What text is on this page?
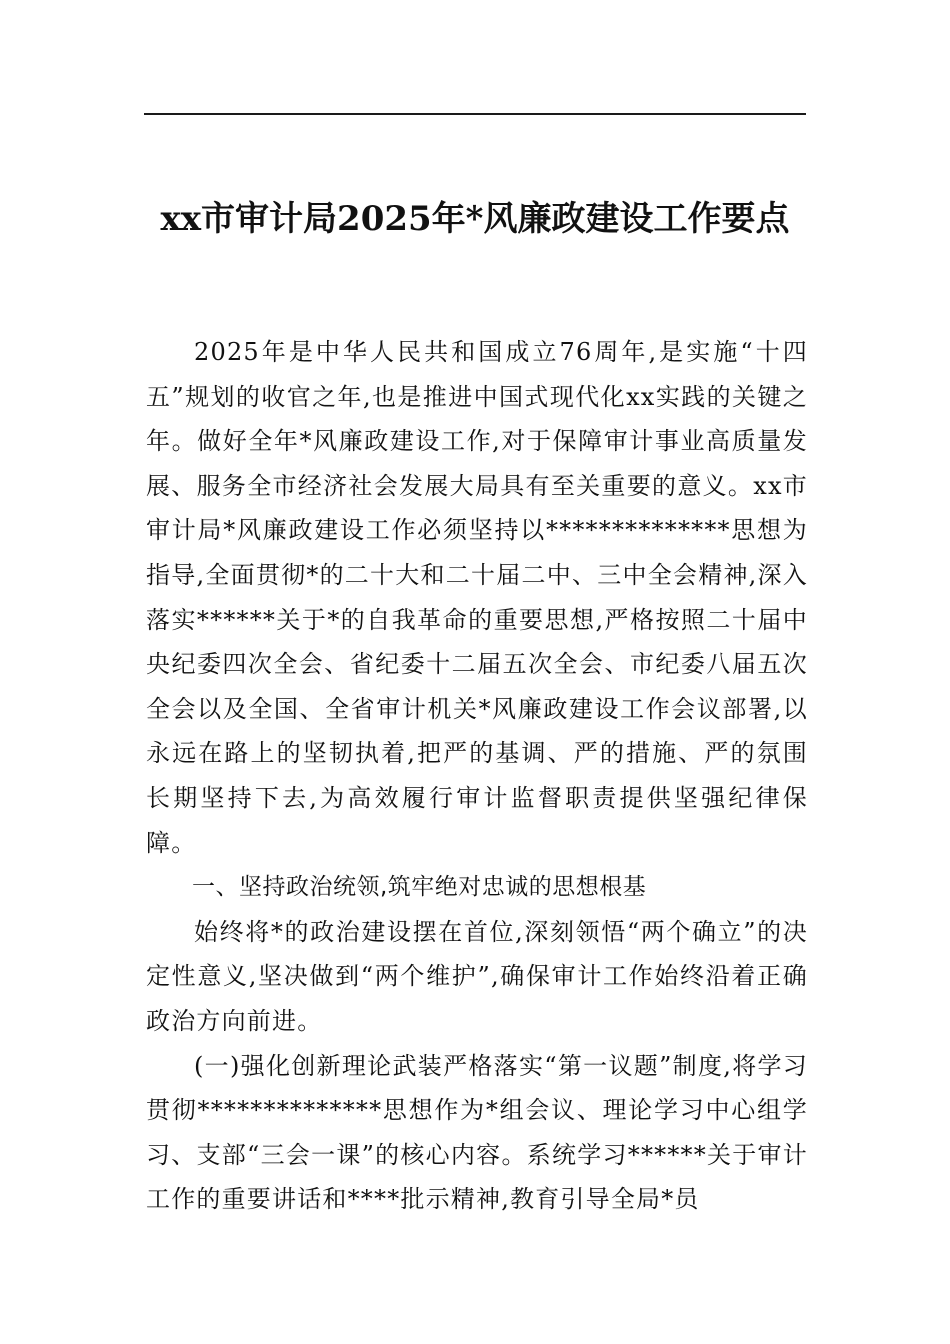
xx市审计局2025年*风廉政建设工作要点

2025年是中华人民共和国成立76周年,是实施“十四五”规划的收官之年,也是推进中国式现代化xx实践的关键之年。做好全年*风廉政建设工作,对于保障审计事业高质量发展、服务全市经济社会发展大局具有至关重要的意义。xx市审计局*风廉政建设工作必须坚持以**************思想为指导,全面贯彻*的二十大和二十届二中、三中全会精神,深入落实******关于*的自我革命的重要思想,严格按照二十届中央纪委四次全会、省纪委十二届五次全会、市纪委八届五次全会以及全国、全省审计机关*风廉政建设工作会议部署,以永远在路上的坚韧执着,把严的基调、严的措施、严的氛围长期坚持下去,为高效履行审计监督职责提供坚强纪律保障。

一、坚持政治统领,筑牢绝对忠诚的思想根基

始终将*的政治建设摆在首位,深刻领悟“两个确立”的决定性意义,坚决做到“两个维护”,确保审计工作始终沿着正确政治方向前进。

(一)强化创新理论武装严格落实“第一议题”制度,将学习贯彻**************思想作为*组会议、理论学习中心组学习、支部“三会一课”的核心内容。系统学习******关于审计工作的重要讲话和****批示精神,教育引导全局*员
